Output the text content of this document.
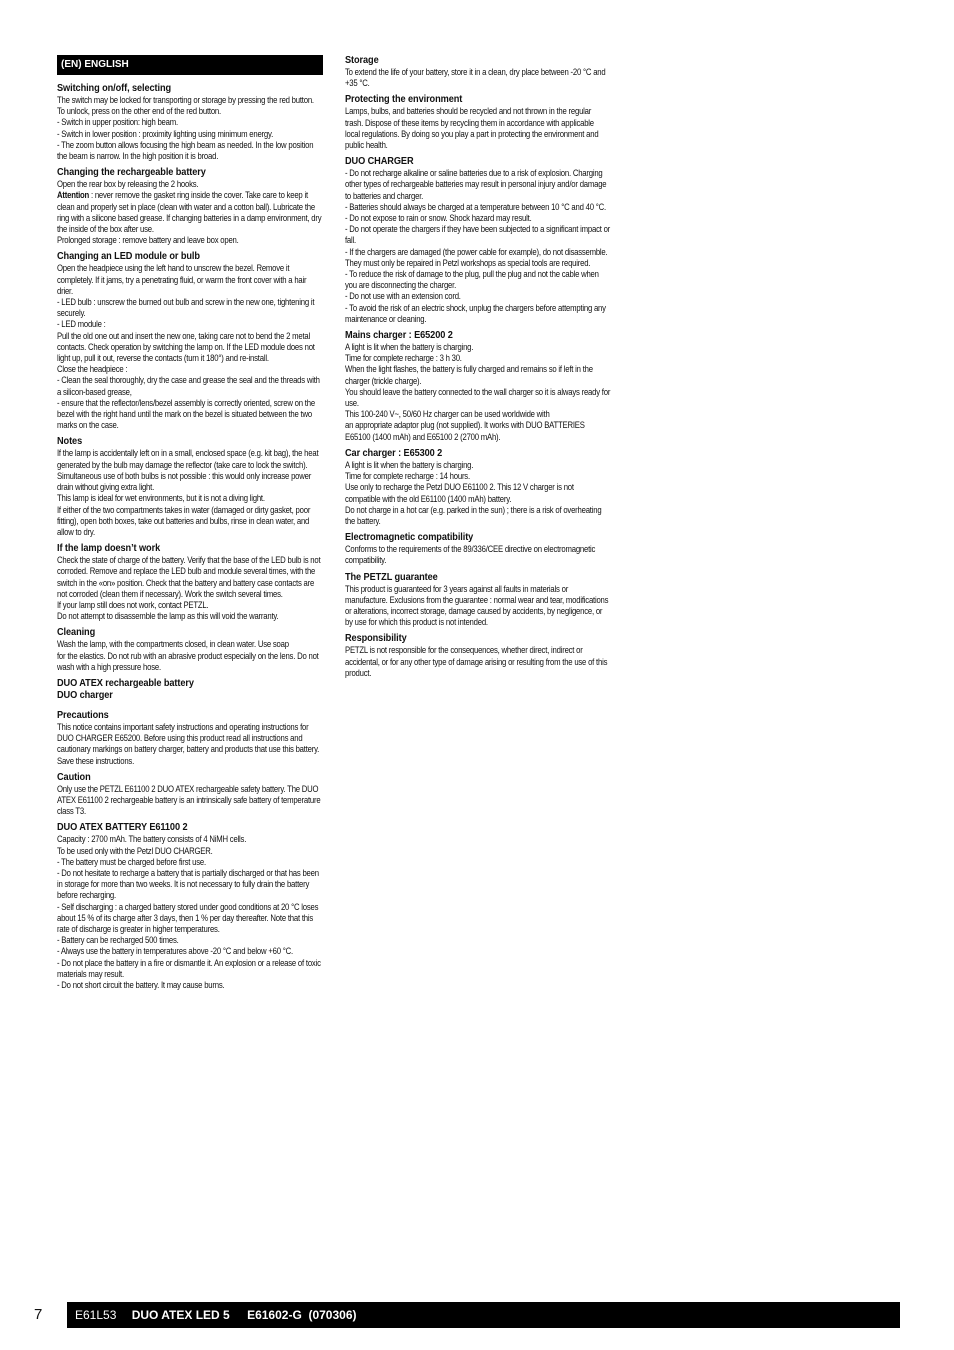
(EN) ENGLISH
Switching on/off, selecting

The switch may be locked for transporting or storage by pressing the red button. To unlock, press on the other end of the red button.
- Switch in upper position: high beam.
- Switch in lower position : proximity lighting using minimum energy.
- The zoom button allows focusing the high beam as needed. In the low position the beam is narrow. In the high position it is broad.

Changing the rechargeable battery

Open the rear box by releasing the 2 hooks.
Attention : never remove the gasket ring inside the cover. Take care to keep it clean and properly set in place (clean with water and a cotton ball). Lubricate the ring with a silicone based grease. If changing batteries in a damp environment, dry the inside of the box after use.
Prolonged storage : remove battery and leave box open.

Changing an LED module or bulb

Open the headpiece using the left hand to unscrew the bezel. Remove it completely. If it jams, try a penetrating fluid, or warm the front cover with a hair drier.
- LED bulb : unscrew the burned out bulb and screw in the new one, tightening it securely.
- LED module :
Pull the old one out and insert the new one, taking care not to bend the 2 metal contacts. Check operation by switching the lamp on. If the LED module does not light up, pull it out, reverse the contacts (turn it 180°) and re-install.
Close the headpiece :
- Clean the seal thoroughly, dry the case and grease the seal and the threads with a silicon-based grease,
- ensure that the reflector/lens/bezel assembly is correctly oriented, screw on the bezel with the right hand until the mark on the bezel is situated between the two marks on the case.

Notes

If the lamp is accidentally left on in a small, enclosed space (e.g. kit bag), the heat generated by the bulb may damage the reflector (take care to lock the switch). Simultaneous use of both bulbs is not possible : this would only increase power drain without giving extra light.
This lamp is ideal for wet environments, but it is not a diving light.
If either of the two compartments takes in water (damaged or dirty gasket, poor fitting), open both boxes, take out batteries and bulbs, rinse in clean water, and allow to dry.

If the lamp doesn’t work

Check the state of charge of the battery. Verify that the base of the LED bulb is not corroded. Remove and replace the LED bulb and module several times, with the switch in the «on» position. Check that the battery and battery case contacts are not corroded (clean them if necessary). Work the switch several times.
If your lamp still does not work, contact PETZL.
Do not attempt to disassemble the lamp as this will void the warranty.

Cleaning

Wash the lamp, with the compartments closed, in clean water. Use soap
for the elastics. Do not rub with an abrasive product especially on the lens. Do not wash with a high pressure hose.

DUO ATEX rechargeable battery
DUO charger
Precautions

This notice contains important safety instructions and operating instructions for DUO CHARGER E65200. Before using this product read all instructions and cautionary markings on battery charger, battery and products that use this battery. Save these instructions.

Caution

Only use the PETZL E61100 2 DUO ATEX rechargeable safety battery. The DUO ATEX E61100 2 rechargeable battery is an intrinsically safe battery of temperature class T3.

DUO ATEX BATTERY E61100 2

Capacity : 2700 mAh. The battery consists of 4 NiMH cells.
To be used only with the Petzl DUO CHARGER.
- The battery must be charged before first use.
- Do not hesitate to recharge a battery that is partially discharged or that has been in storage for more than two weeks. It is not necessary to fully drain the battery before recharging.
- Self discharging : a charged battery stored under good conditions at 20 °C loses about 15 % of its charge after 3 days, then 1 % per day thereafter. Note that this rate of discharge is greater in higher temperatures.
- Battery can be recharged 500 times.
- Always use the battery in temperatures above -20 °C and below +60 °C.
- Do not place the battery in a fire or dismantle it. An explosion or a release of toxic materials may result.
- Do not short circuit the battery. It may cause burns.

Storage

To extend the life of your battery, store it in a clean, dry place between -20 °C and +35 °C.

Protecting the environment

Lamps, bulbs, and batteries should be recycled and not thrown in the regular trash. Dispose of these items by recycling them in accordance with applicable local regulations. By doing so you play a part in protecting the environment and public health.

DUO CHARGER

- Do not recharge alkaline or saline batteries due to a risk of explosion. Charging other types of rechargeable batteries may result in personal injury and/or damage to batteries and charger.
- Batteries should always be charged at a temperature between 10 °C and 40 °C.
- Do not expose to rain or snow. Shock hazard may result.
- Do not operate the chargers if they have been subjected to a significant impact or fall.
- If the chargers are damaged (the power cable for example), do not disassemble. They must only be repaired in Petzl workshops as special tools are required.
- To reduce the risk of damage to the plug, pull the plug and not the cable when you are disconnecting the charger.
- Do not use with an extension cord.
- To avoid the risk of an electric shock, unplug the chargers before attempting any maintenance or cleaning.

Mains charger : E65200 2

A light is lit when the battery is charging.
Time for complete recharge : 3 h 30.
When the light flashes, the battery is fully charged and remains so if left in the charger (trickle charge).
You should leave the battery connected to the wall charger so it is always ready for use.
This 100-240 V~, 50/60 Hz charger can be used worldwide with
an appropriate adaptor plug (not supplied). It works with DUO BATTERIES E65100 (1400 mAh) and E65100 2 (2700 mAh).

Car charger : E65300 2

A light is lit when the battery is charging.
Time for complete recharge : 14 hours.
Use only to recharge the Petzl DUO E61100 2. This 12 V charger is not compatible with the old E61100 (1400 mAh) battery.
Do not charge in a hot car (e.g. parked in the sun) ; there is a risk of overheating the battery.

Electromagnetic compatibility

Conforms to the requirements of the 89/336/CEE directive on electromagnetic compatibility.

The PETZL guarantee

This product is guaranteed for 3 years against all faults in materials or manufacture. Exclusions from the guarantee : normal wear and tear, modifications or alterations, incorrect storage, damage caused by accidents, by negligence, or by use for which this product is not intended.

Responsibility

PETZL is not responsible for the consequences, whether direct, indirect or accidental, or for any other type of damage arising or resulting from the use of this product.

7	E61L53 DUO ATEX LED 5 E61602-G  (070306)
